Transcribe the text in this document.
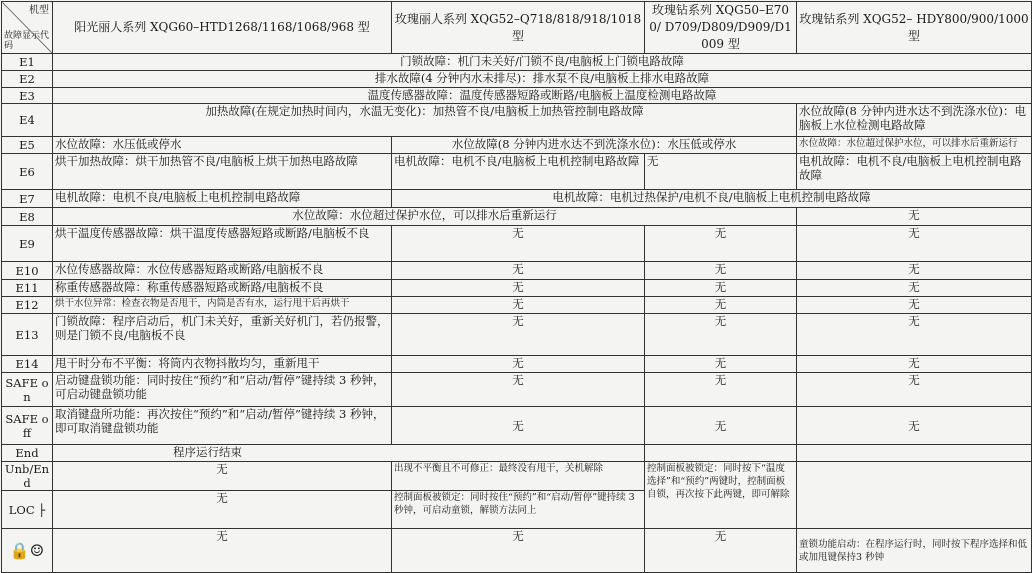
机型
故障显示代码	阳光丽人系列 XQG60–HTD1268/1168/1068/968 型	玫瑰丽人系列 XQG52–Q718/818/918/1018 型	玫瑰钻系列 XQG50–E700/ D709/D809/D909/D1009 型	玫瑰钻系列 XQG52– HDY800/900/1000 型
E1	门锁故障：机门未关好/门锁不良/电脑板上门锁电路故障			
E2	排水故障(4 分钟内水未排尽)：排水泵不良/电脑板上排水电路故障			
E3	温度传感器故障：温度传感器短路或断路/电脑板上温度检测电路故障			
E4	加热故障(在规定加热时间内，水温无变化)：加热管不良/电脑板上加热管控制电路故障			水位故障(8 分钟内进水达不到洗涤水位)：电脑板上水位检测电路故障
E5	水位故障：水压低或停水	水位故障(8 分钟内进水达不到洗涤水位)：水压低或停水		水位故障：水位超过保护水位，可以排水后重新运行
E6	烘干加热故障：烘干加热管不良/电脑板上烘干加热电路故障	电机故障：电机不良/电脑板上电机控制电路故障	无	电机故障：电机不良/电脑板上电机控制电路故障
E7	电机故障：电机不良/电脑板上电机控制电路故障	电机故障：电机过热保护/电机不良/电脑板上电机控制电路故障		
E8	水位故障：水位超过保护水位，可以排水后重新运行			无
E9	烘干温度传感器故障：烘干温度传感器短路或断路/电脑板不良	无	无	无
E10	水位传感器故障：水位传感器短路或断路/电脑板不良	无	无	无
E11	称重传感器故障：称重传感器短路或断路/电脑板不良	无	无	无
E12	烘干水位异常：检查衣物是否甩干，内筒是否有水，运行甩干后再烘干	无	无	无
E13	门锁故障：程序启动后，机门未关好，重新关好机门，若仍报警，则是门锁不良/电脑板不良	无	无	无
E14	甩干时分布不平衡：将筒内衣物抖散均匀，重新甩干	无	无	无
SAFE on	启动键盘锁功能：同时按住“预约”和“启动/暂停”键持续 3 秒钟，可启动键盘锁功能	无	无	无
SAFE off	取消键盘所功能：再次按住“预约”和“启动/暂停”键持续 3 秒钟，即可取消键盘锁功能	无	无	无
End	程序运行结束			
Unb/End	无	出现不平衡且不可修正：最终没有甩干，关机解除	控制面板被锁定：同时按下“温度选择”和“预约”两键时，控制面板自锁，再次按下此两键，即可解除	
LOC ├	无	控制面板被锁定：同时按住“预约”和“启动/暂停”键持续 3 秒钟，可启动童锁，解锁方法同上		
🔒☺	无	无	无	童锁功能启动：在程序运行时，同时按下程序选择和低或加甩键保持3 秒钟
